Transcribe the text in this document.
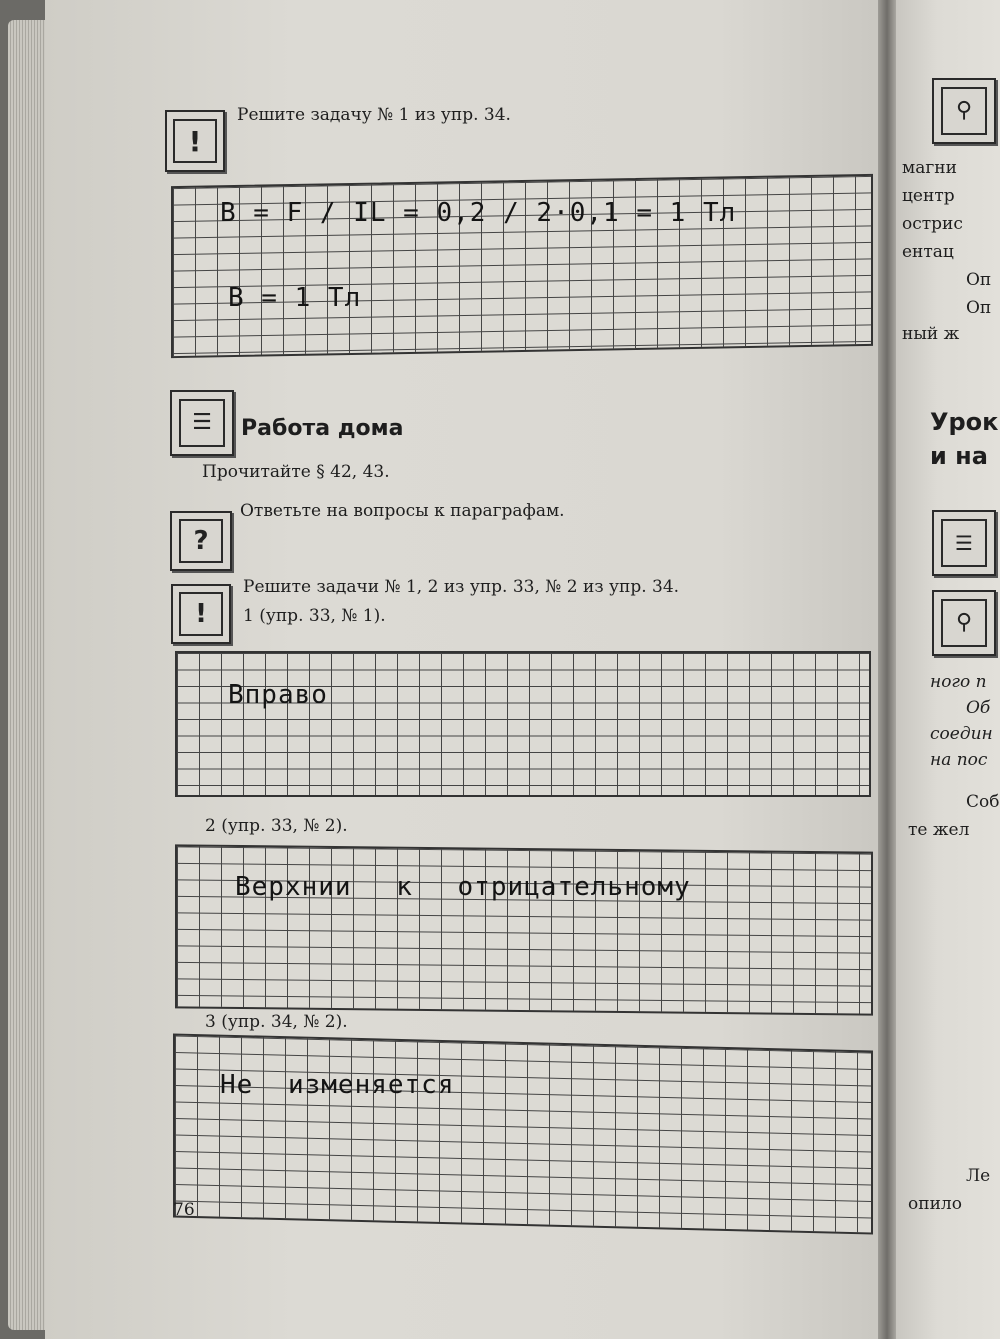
!
Решите задачу № 1 из упр. 34.
B = F / IL = 0,2 / 2·0,1 = 1 Тл
B = 1 Тл
☰	Работа дома
Прочитайте § 42, 43.
?
Ответьте на вопросы к параграфам.
!
Решите задачи № 1, 2 из упр. 33, № 2 из упр. 34.
1 (упр. 33, № 1).
Вправо
2 (упр. 33, № 2).
Верхнии к отрицательному
3 (упр. 34, № 2).
Не изменяется
76
⚲
магни
центр
острис
ентац
Оп
Оп
ный ж
Урок
и на
☰
⚲
ного п
Об
соедин
на пос
Соб
те жел
Ле
опило
